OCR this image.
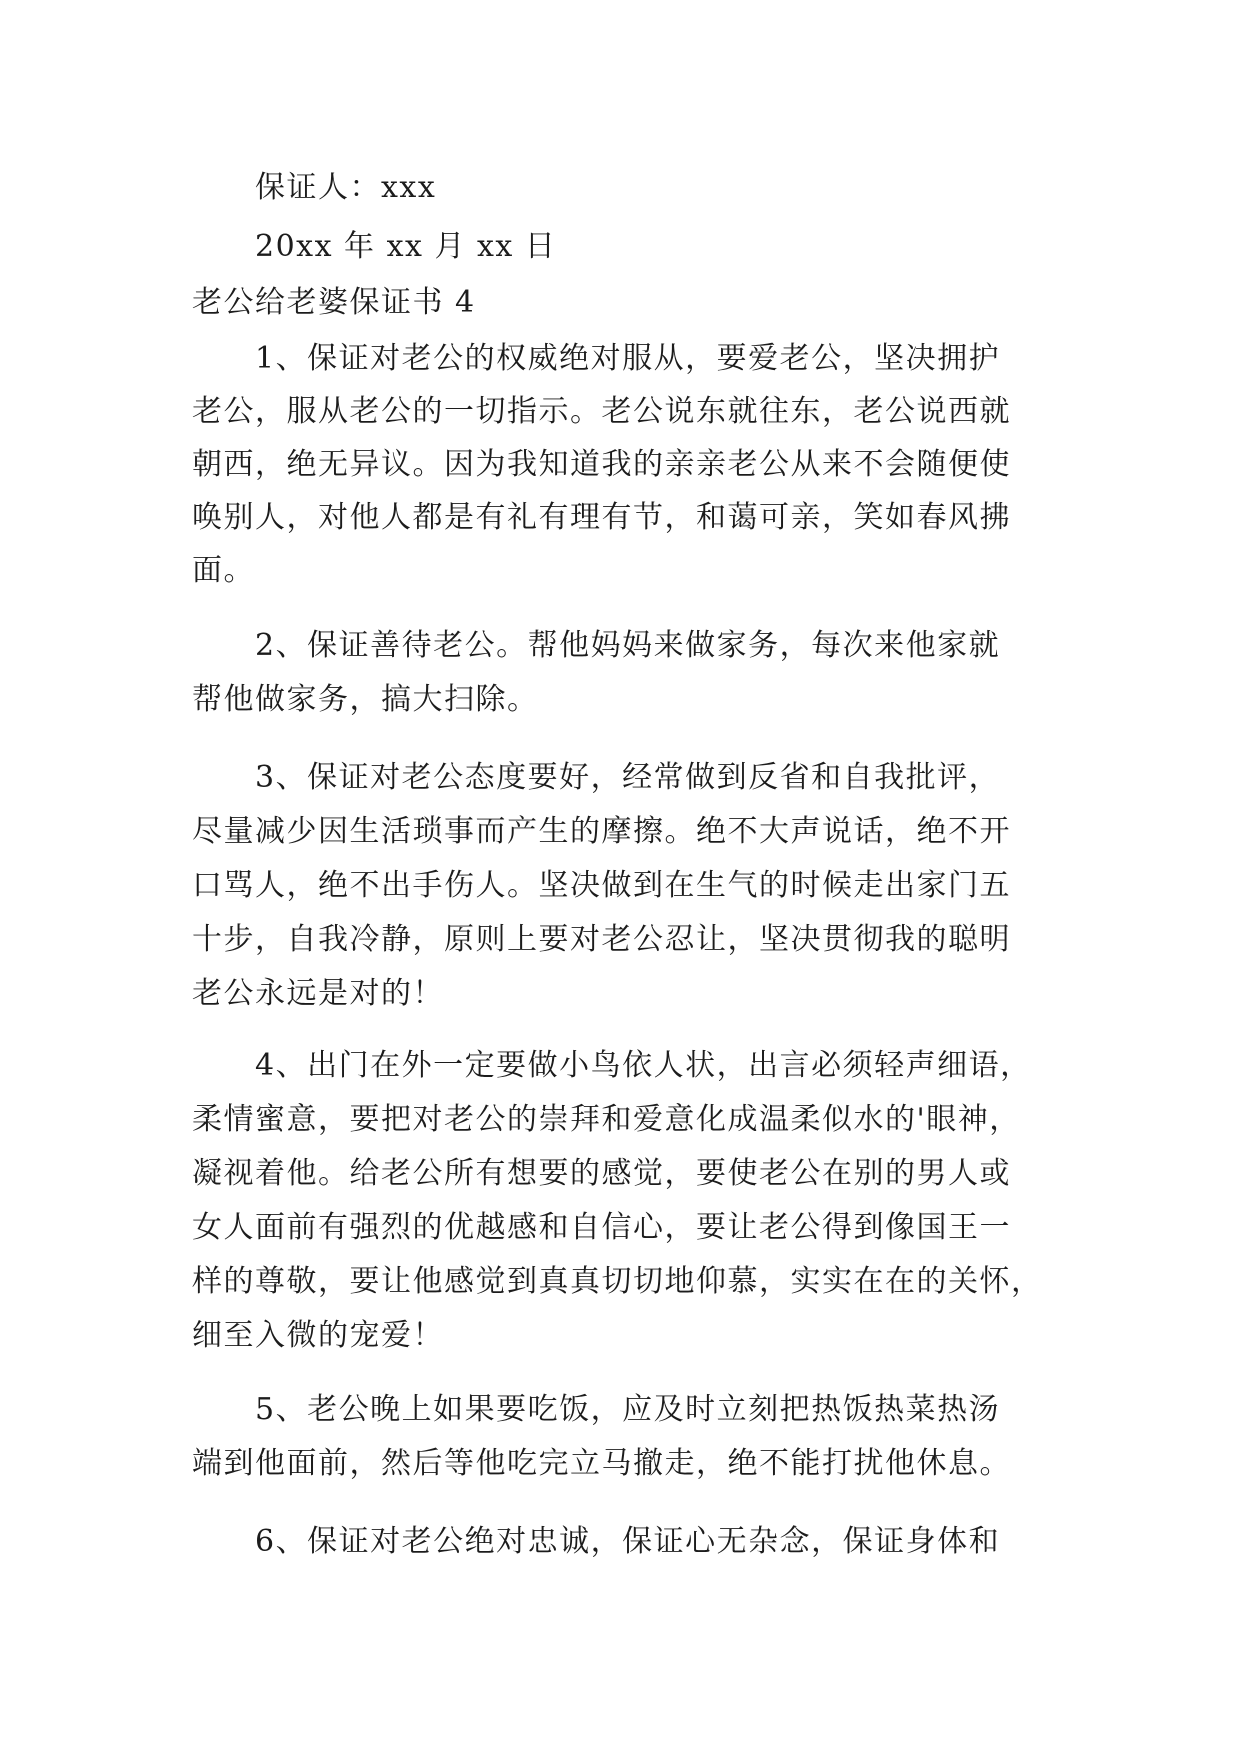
保证人：xxx
20xx 年 xx 月 xx 日
老公给老婆保证书 4
1、保证对老公的权威绝对服从，要爱老公，坚决拥护
老公，服从老公的一切指示。老公说东就往东，老公说西就
朝西，绝无异议。因为我知道我的亲亲老公从来不会随便使
唤别人，对他人都是有礼有理有节，和蔼可亲，笑如春风拂
面。
2、保证善待老公。帮他妈妈来做家务，每次来他家就
帮他做家务，搞大扫除。
3、保证对老公态度要好，经常做到反省和自我批评，
尽量减少因生活琐事而产生的摩擦。绝不大声说话，绝不开
口骂人，绝不出手伤人。坚决做到在生气的时候走出家门五
十步，自我冷静，原则上要对老公忍让，坚决贯彻我的聪明
老公永远是对的！
4、出门在外一定要做小鸟依人状，出言必须轻声细语，
柔情蜜意，要把对老公的崇拜和爱意化成温柔似水的'眼神，
凝视着他。给老公所有想要的感觉，要使老公在别的男人或
女人面前有强烈的优越感和自信心，要让老公得到像国王一
样的尊敬，要让他感觉到真真切切地仰慕，实实在在的关怀，
细至入微的宠爱！
5、老公晚上如果要吃饭，应及时立刻把热饭热菜热汤
端到他面前，然后等他吃完立马撤走，绝不能打扰他休息。
6、保证对老公绝对忠诚，保证心无杂念，保证身体和
